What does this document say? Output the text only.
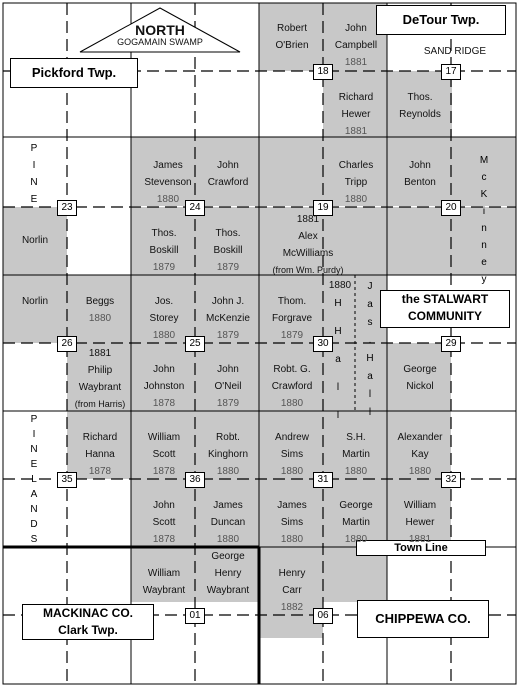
NORTH
GOGAMAIN SWAMP
Pickford Twp.
DeTour Twp.
SAND RIDGE
the STALWART
COMMUNITY
Town Line
MACKINAC CO.
Clark Twp.
CHIPPEWA CO.
P
I
N
E
M
c
K
i
n
n
e
y
P
I
N
E
L
A
N
D
S
H
H
a
l
l
J
a
s
.
H
a
l
l
1880
18	17
23	24	19	20
26	25	30	29
35	36	31	32
01	06
Robert
O'Brien
John
Campbell
1881
Richard
Hewer
1881
Thos.
Reynolds
James
Stevenson
1880
John
Crawford
Charles
Tripp
1880
John
Benton
Norlin
Thos.
Boskill
1879
Thos.
Boskill
1879
1881
Alex
McWilliams
(from Wm. Purdy)
Norlin	Beggs
1880
Jos.
Storey
1880
John J.
McKenzie
1879
Thom.
Forgrave
1879
1881
Philip
Waybrant
(from Harris)
John
Johnston
1878
John
O'Neil
1879
Robt. G.
Crawford
1880
George
Nickol
Richard
Hanna
1878
William
Scott
1878
Robt.
Kinghorn
1880
Andrew
Sims
1880
S.H.
Martin
1880
Alexander
Kay
1880
John
Scott
1878
James
Duncan
1880
James
Sims
1880
George
Martin
1880
William
Hewer
1881
William
Waybrant
George
Henry
Waybrant
Henry
Carr
1882
